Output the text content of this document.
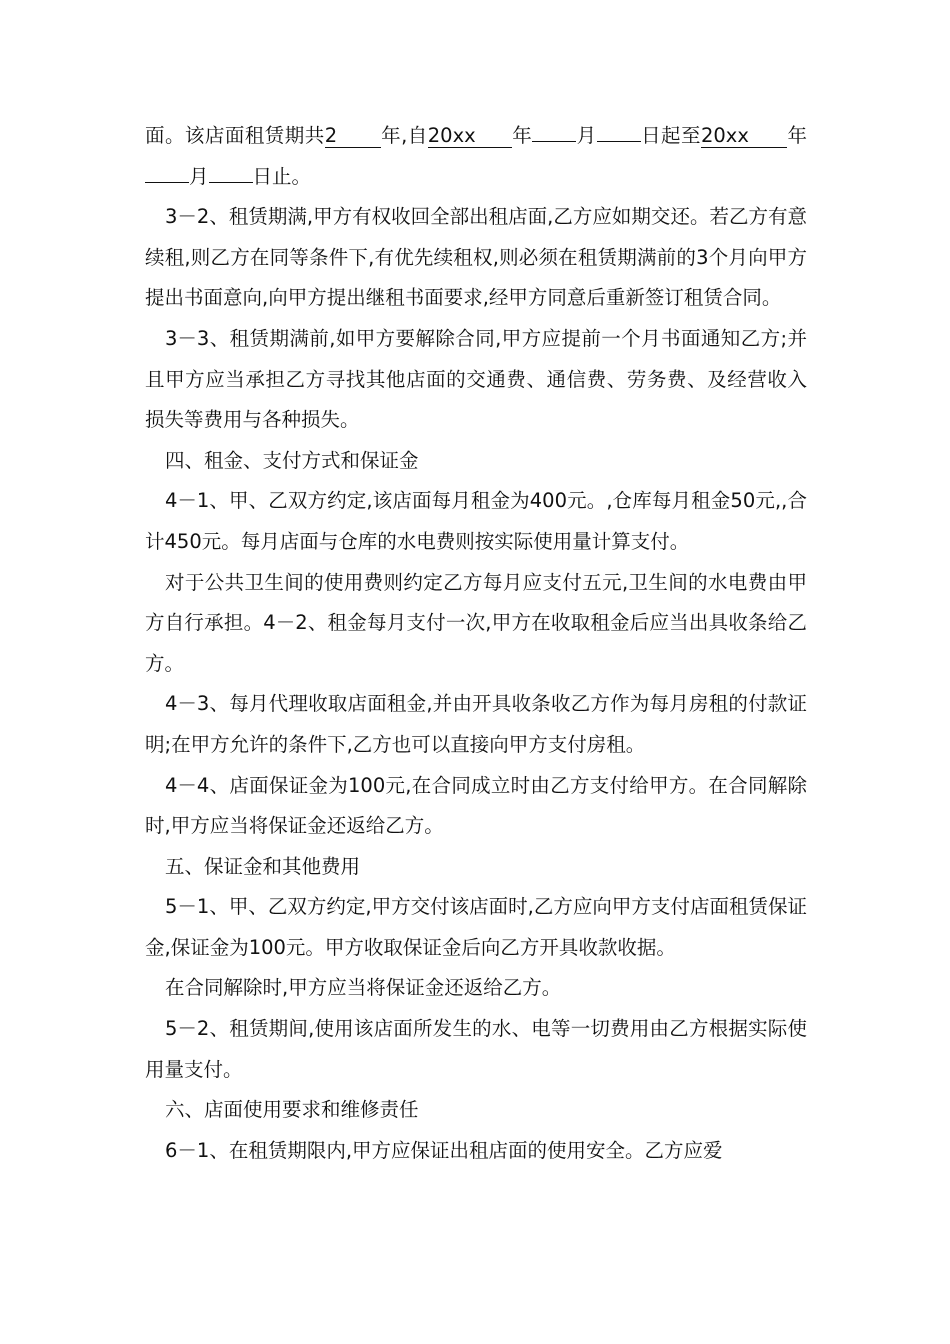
面。该店面租赁期共2 年,自20xx 年 月 日起至20xx 年月 日止。

3－2、租赁期满,甲方有权收回全部出租店面,乙方应如期交还。若乙方有意续租,则乙方在同等条件下,有优先续租权,则必须在租赁期满前的3个月向甲方提出书面意向,向甲方提出继租书面要求,经甲方同意后重新签订租赁合同。

3－3、租赁期满前,如甲方要解除合同,甲方应提前一个月书面通知乙方;并且甲方应当承担乙方寻找其他店面的交通费、通信费、劳务费、及经营收入损失等费用与各种损失。

四、租金、支付方式和保证金

4－1、甲、乙双方约定,该店面每月租金为400元。,仓库每月租金50元,,合计450元。每月店面与仓库的水电费则按实际使用量计算支付。

对于公共卫生间的使用费则约定乙方每月应支付五元,卫生间的水电费由甲方自行承担。4－2、租金每月支付一次,甲方在收取租金后应当出具收条给乙方。

4－3、每月代理收取店面租金,并由开具收条收乙方作为每月房租的付款证明;在甲方允许的条件下,乙方也可以直接向甲方支付房租。

4－4、店面保证金为100元,在合同成立时由乙方支付给甲方。在合同解除时,甲方应当将保证金还返给乙方。

五、保证金和其他费用

5－1、甲、乙双方约定,甲方交付该店面时,乙方应向甲方支付店面租赁保证金,保证金为100元。甲方收取保证金后向乙方开具收款收据。

在合同解除时,甲方应当将保证金还返给乙方。

5－2、租赁期间,使用该店面所发生的水、电等一切费用由乙方根据实际使用量支付。

六、店面使用要求和维修责任

6－1、在租赁期限内,甲方应保证出租店面的使用安全。乙方应爱
